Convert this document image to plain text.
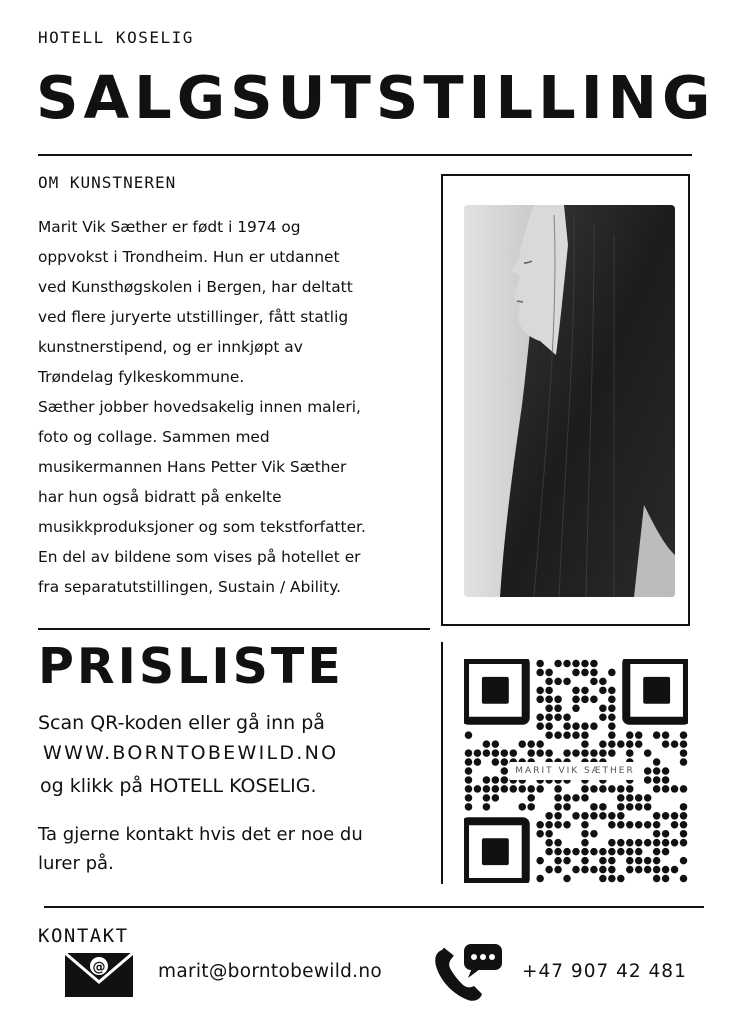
HOTELL KOSELIG
SALGSUTSTILLING
OM KUNSTNEREN
Marit Vik Sæther er født i 1974 og
oppvokst i Trondheim. Hun er utdannet
ved Kunsthøgskolen i Bergen, har deltatt
ved flere juryerte utstillinger, fått statlig
kunstnerstipend, og er innkjøpt av
Trøndelag fylkeskommune.
Sæther jobber hovedsakelig innen maleri,
foto og collage. Sammen med
musikermannen Hans Petter Vik Sæther
har hun også bidratt på enkelte
musikkproduksjoner og som tekstforfatter.
En del av bildene som vises på hotellet er
fra separatutstillingen, Sustain / Ability.
PRISLISTE
Scan QR-koden eller gå inn på
WWW.BORNTOBEWILD.NO
og klikk på HOTELL KOSELIG.
Ta gjerne kontakt hvis det er noe du lurer på.
MARIT VIK SÆTHER
KONTAKT
@	marit@borntobewild.no	+47 907 42 481
